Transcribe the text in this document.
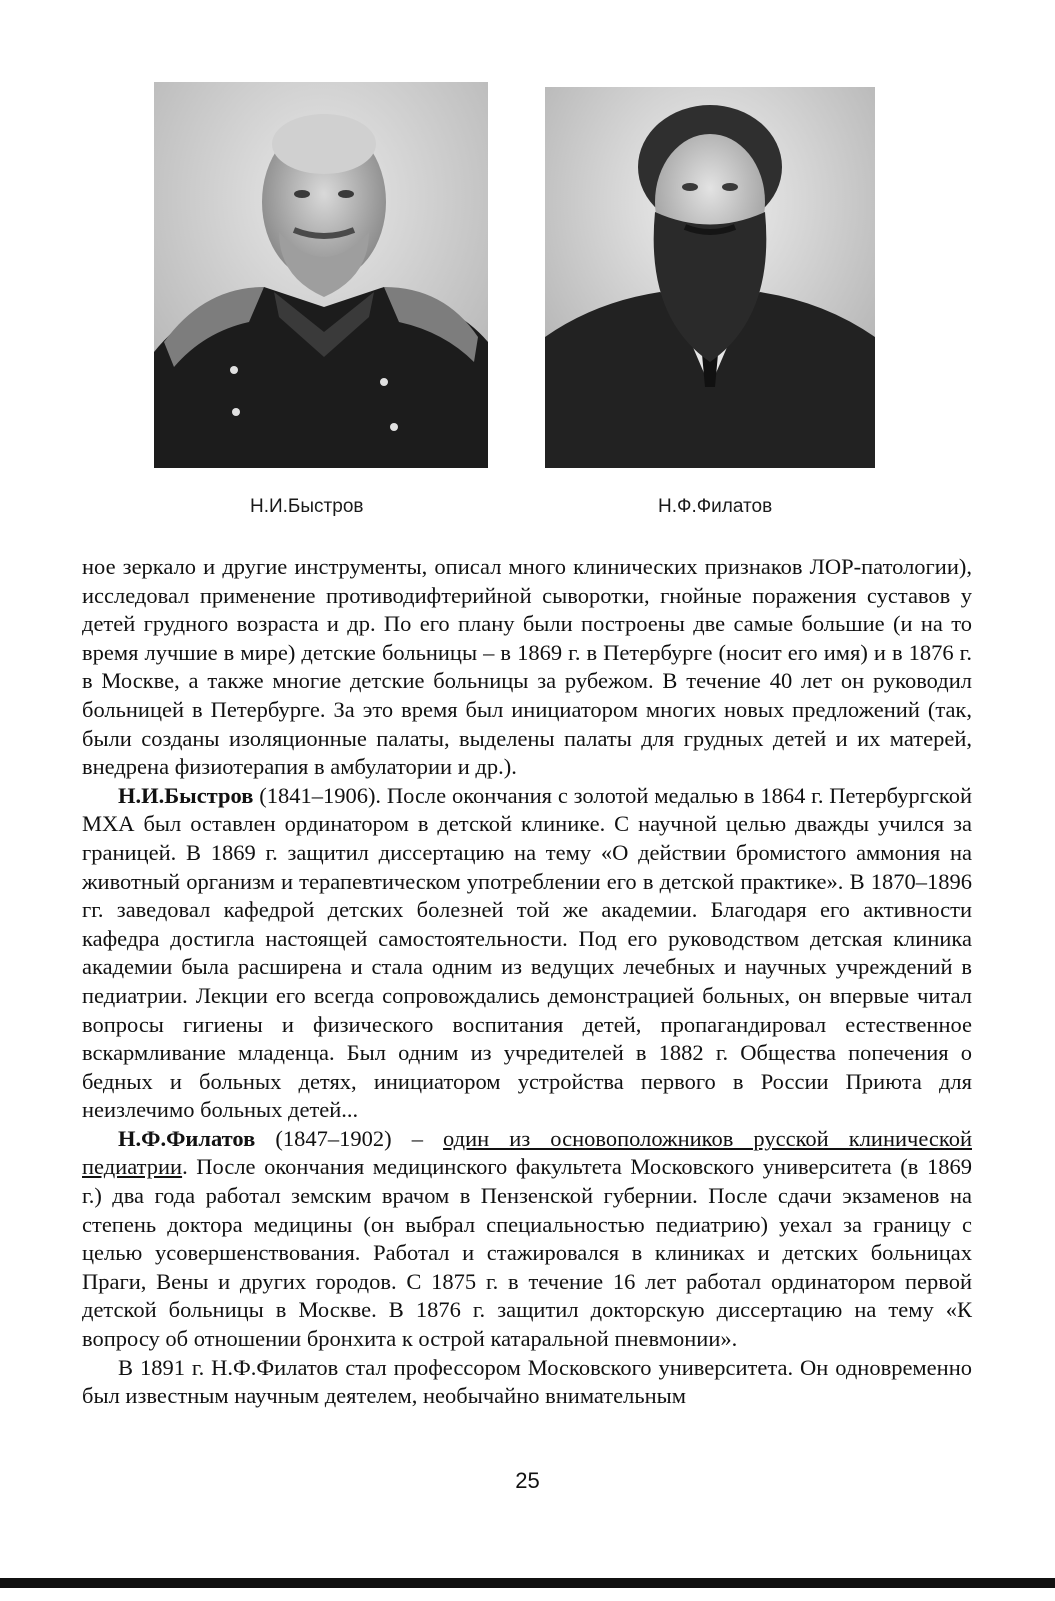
Н.И.Быстров	Н.Ф.Филатов

ное зеркало и другие инструменты, описал много клинических признаков ЛОР-патологии), исследовал применение противодифтерийной сыворотки, гнойные поражения суставов у детей грудного возраста и др. По его плану были построены две самые большие (и на то время лучшие в мире) детские больницы – в 1869 г. в Петербурге (носит его имя) и в 1876 г. в Москве, а также многие детские больницы за рубежом. В течение 40 лет он руководил больницей в Петербурге. За это время был инициатором многих новых предложений (так, были созданы изоляционные палаты, выделены палаты для грудных детей и их матерей, внедрена физиотерапия в амбулатории и др.).

Н.И.Быстров (1841–1906). После окончания с золотой медалью в 1864 г. Петербургской МХА был оставлен ординатором в детской клинике. С научной целью дважды учился за границей. В 1869 г. защитил диссертацию на тему «О действии бромистого аммония на животный организм и терапевтическом употреблении его в детской практике». В 1870–1896 гг. заведовал кафедрой детских болезней той же академии. Благодаря его активности кафедра достигла настоящей самостоятельности. Под его руководством детская клиника академии была расширена и стала одним из ведущих лечебных и научных учреждений в педиатрии. Лекции его всегда сопровождались демонстрацией больных, он впервые читал вопросы гигиены и физического воспитания детей, пропагандировал естественное вскармливание младенца. Был одним из учредителей в 1882 г. Общества попечения о бедных и больных детях, инициатором устройства первого в России Приюта для неизлечимо больных детей...

Н.Ф.Филатов (1847–1902) – один из основоположников русской клинической педиатрии. После окончания медицинского факультета Московского университета (в 1869 г.) два года работал земским врачом в Пензенской губернии. После сдачи экзаменов на степень доктора медицины (он выбрал специальностью педиатрию) уехал за границу с целью усовершенствования. Работал и стажировался в клиниках и детских больницах Праги, Вены и других городов. С 1875 г. в течение 16 лет работал ординатором первой детской больницы в Москве. В 1876 г. защитил докторскую диссертацию на тему «К вопросу об отношении бронхита к острой катаральной пневмонии».

В 1891 г. Н.Ф.Филатов стал профессором Московского университета. Он одновременно был известным научным деятелем, необычайно внимательным

25
